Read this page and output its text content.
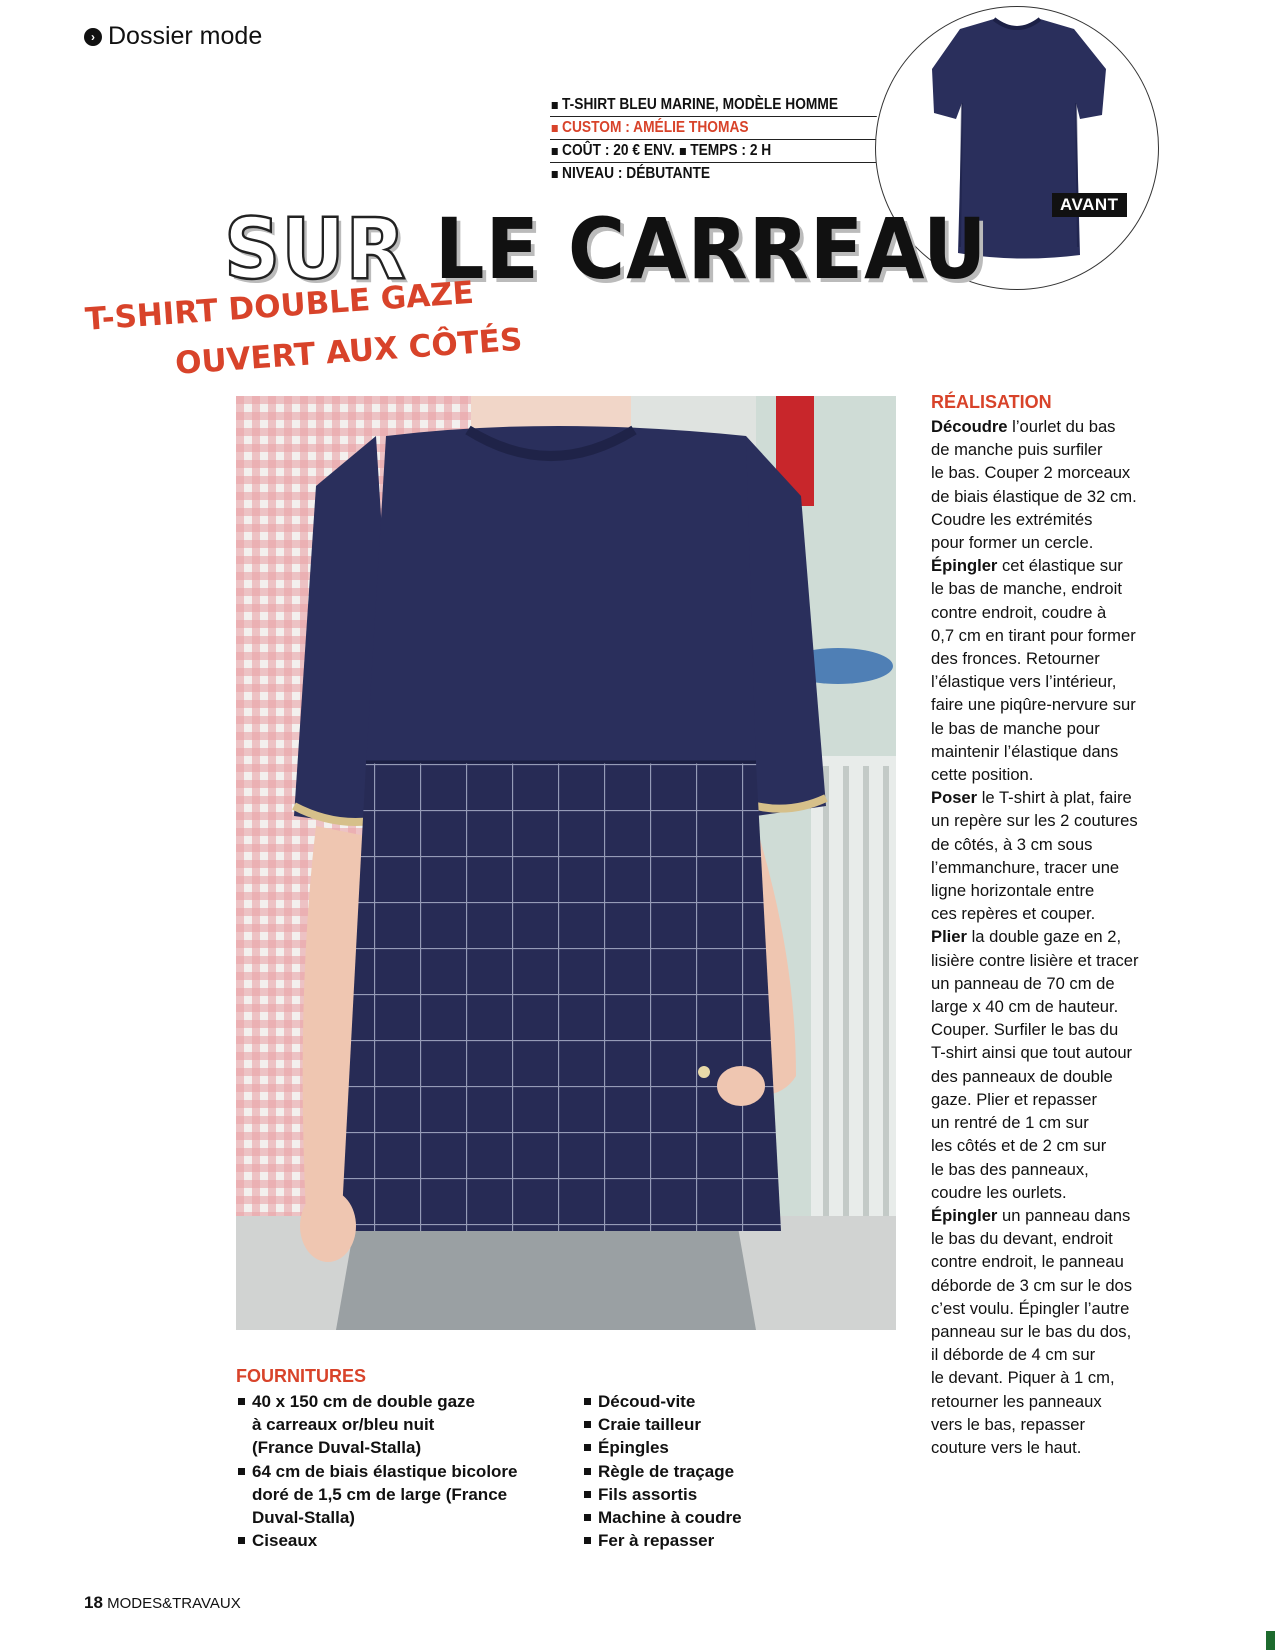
› Dossier mode
T-SHIRT BLEU MARINE, MODÈLE HOMME
CUSTOM : AMÉLIE THOMAS
COÛT : 20 € ENV. TEMPS : 2 H
NIVEAU : DÉBUTANTE
AVANT
SUR LE CARREAU
T-SHIRT DOUBLE GAZE
OUVERT AUX CÔTÉS
RÉALISATION
Découdre l’ourlet du bas
de manche puis surfiler
le bas. Couper 2 morceaux
de biais élastique de 32 cm.
Coudre les extrémités
pour former un cercle.
Épingler cet élastique sur
le bas de manche, endroit
contre endroit, coudre à
0,7 cm en tirant pour former
des fronces. Retourner
l’élastique vers l’intérieur,
faire une piqûre-nervure sur
le bas de manche pour
maintenir l’élastique dans
cette position.
Poser le T-shirt à plat, faire
un repère sur les 2 coutures
de côtés, à 3 cm sous
l’emmanchure, tracer une
ligne horizontale entre
ces repères et couper.
Plier la double gaze en 2,
lisière contre lisière et tracer
un panneau de 70 cm de
large x 40 cm de hauteur.
Couper. Surfiler le bas du
T-shirt ainsi que tout autour
des panneaux de double
gaze. Plier et repasser
un rentré de 1 cm sur
les côtés et de 2 cm sur
le bas des panneaux,
coudre les ourlets.
Épingler un panneau dans
le bas du devant, endroit
contre endroit, le panneau
déborde de 3 cm sur le dos
c’est voulu. Épingler l’autre
panneau sur le bas du dos,
il déborde de 4 cm sur
le devant. Piquer à 1 cm,
retourner les panneaux
vers le bas, repasser
couture vers le haut.
FOURNITURES
40 x 150 cm de double gaze
à carreaux or/bleu nuit
(France Duval-Stalla)
64 cm de biais élastique bicolore
doré de 1,5 cm de large (France
Duval-Stalla)
Ciseaux
Découd-vite
Craie tailleur
Épingles
Règle de traçage
Fils assortis
Machine à coudre
Fer à repasser
18 MODES&TRAVAUX
